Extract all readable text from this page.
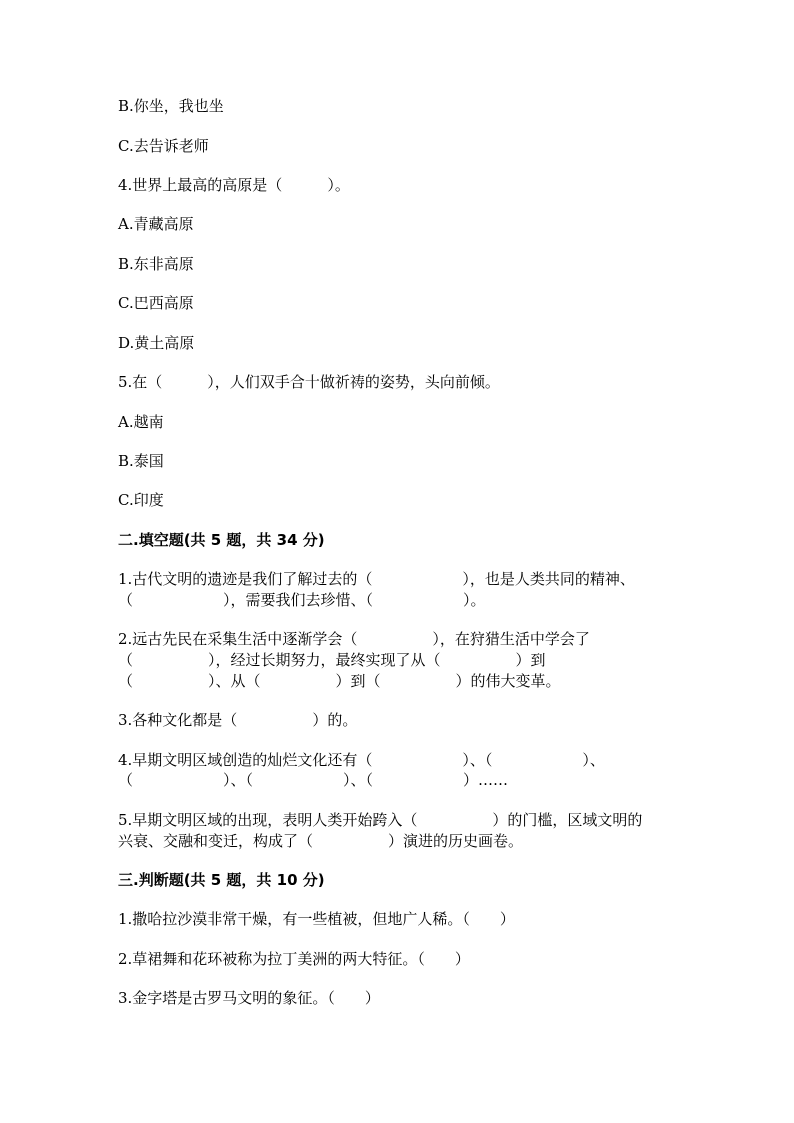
B.你坐，我也坐
C.去告诉老师
4.世界上最高的高原是（　　　）。
A.青藏高原
B.东非高原
C.巴西高原
D.黄土高原
5.在（　　　），人们双手合十做祈祷的姿势，头向前倾。
A.越南
B.泰国
C.印度
二.填空题(共 5 题，共 34 分)
1.古代文明的遗迹是我们了解过去的（　　　　　　），也是人类共同的精神、
（　　　　　　），需要我们去珍惜、（　　　　　　）。
2.远古先民在采集生活中逐渐学会（　　　　　），在狩猎生活中学会了
（　　　　　），经过长期努力，最终实现了从（　　　　　）到
（　　　　　）、从（　　　　　）到（　　　　　）的伟大变革。
3.各种文化都是（　　　　　）的。
4.早期文明区域创造的灿烂文化还有（　　　　　　）、（　　　　　　）、
（　　　　　　）、（　　　　　　）、（　　　　　　）……
5.早期文明区域的出现，表明人类开始跨入（　　　　　）的门槛，区域文明的
兴衰、交融和变迁，构成了（　　　　　）演进的历史画卷。
三.判断题(共 5 题，共 10 分)
1.撒哈拉沙漠非常干燥，有一些植被，但地广人稀。（　　）
2.草裙舞和花环被称为拉丁美洲的两大特征。（　　）
3.金字塔是古罗马文明的象征。（　　）
